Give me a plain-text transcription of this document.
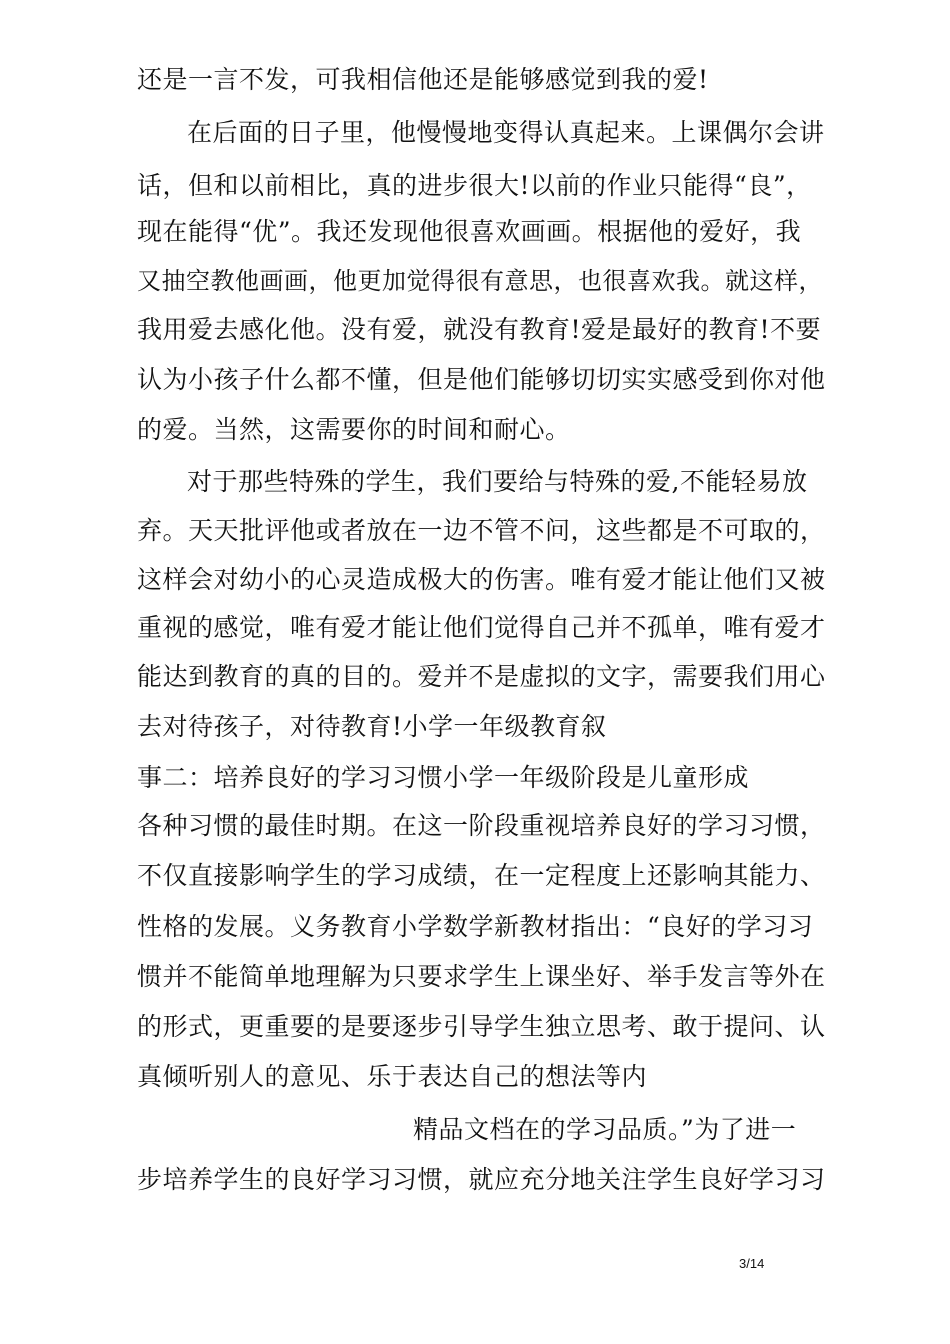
还是一言不发，可我相信他还是能够感觉到我的爱!
在后面的日子里，他慢慢地变得认真起来。上课偶尔会讲
话，但和以前相比，真的进步很大!以前的作业只能得“良”，
现在能得“优”。我还发现他很喜欢画画。根据他的爱好，我
又抽空教他画画，他更加觉得很有意思，也很喜欢我。就这样，
我用爱去感化他。没有爱，就没有教育!爱是最好的教育!不要
认为小孩子什么都不懂，但是他们能够切切实实感受到你对他
的爱。当然，这需要你的时间和耐心。
对于那些特殊的学生，我们要给与特殊的爱,不能轻易放
弃。天天批评他或者放在一边不管不问，这些都是不可取的，
这样会对幼小的心灵造成极大的伤害。唯有爱才能让他们又被
重视的感觉，唯有爱才能让他们觉得自己并不孤单，唯有爱才
能达到教育的真的目的。爱并不是虚拟的文字，需要我们用心
去对待孩子，对待教育!小学一年级教育叙
事二：培养良好的学习习惯小学一年级阶段是儿童形成
各种习惯的最佳时期。在这一阶段重视培养良好的学习习惯，
不仅直接影响学生的学习成绩，在一定程度上还影响其能力、
性格的发展。义务教育小学数学新教材指出：“良好的学习习
惯并不能简单地理解为只要求学生上课坐好、举手发言等外在
的形式，更重要的是要逐步引导学生独立思考、敢于提问、认
真倾听别人的意见、乐于表达自己的想法等内
精品文档在的学习品质。”为了进一
步培养学生的良好学习习惯，就应充分地关注学生良好学习习
3/14
